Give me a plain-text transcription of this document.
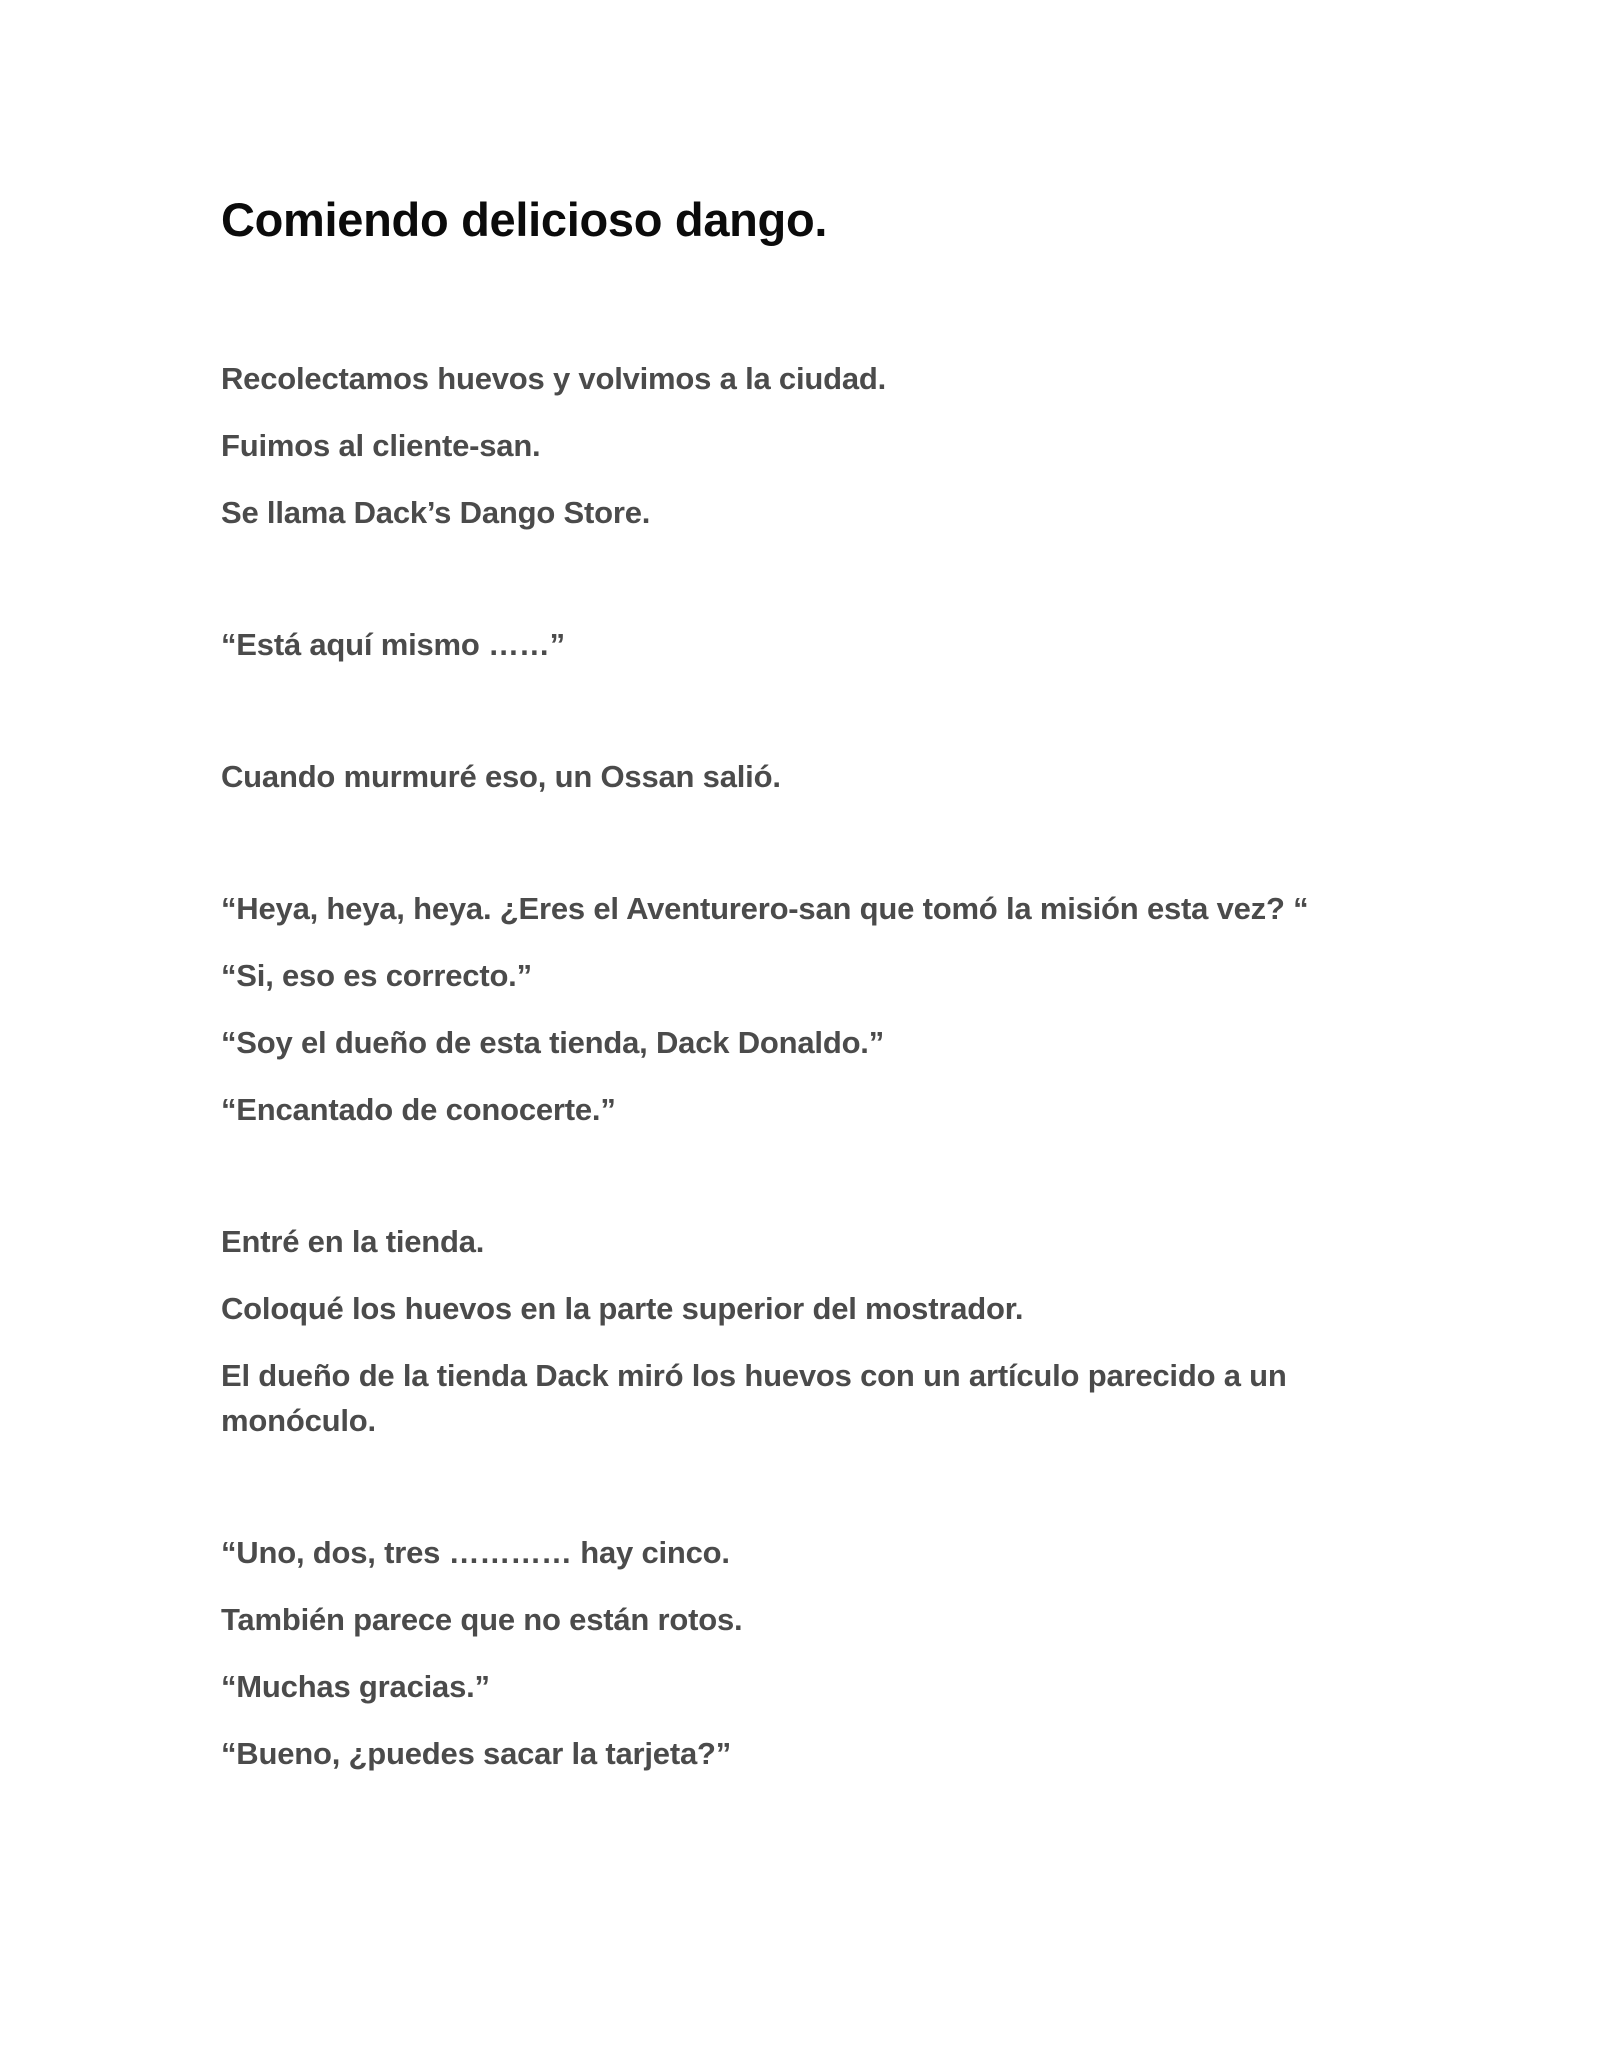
Comiendo delicioso dango.

Recolectamos huevos y volvimos a la ciudad.

Fuimos al cliente-san.

Se llama Dack’s Dango Store.

“Está aquí mismo ……”

Cuando murmuré eso, un Ossan salió.

“Heya, heya, heya. ¿Eres el Aventurero-san que tomó la misión esta vez? “

“Si, eso es correcto.”

“Soy el dueño de esta tienda, Dack Donaldo.”

“Encantado de conocerte.”

Entré en la tienda.

Coloqué los huevos en la parte superior del mostrador.

El dueño de la tienda Dack miró los huevos con un artículo parecido a un monóculo.

“Uno, dos, tres ………… hay cinco.

También parece que no están rotos.

“Muchas gracias.”

“Bueno, ¿puedes sacar la tarjeta?”
